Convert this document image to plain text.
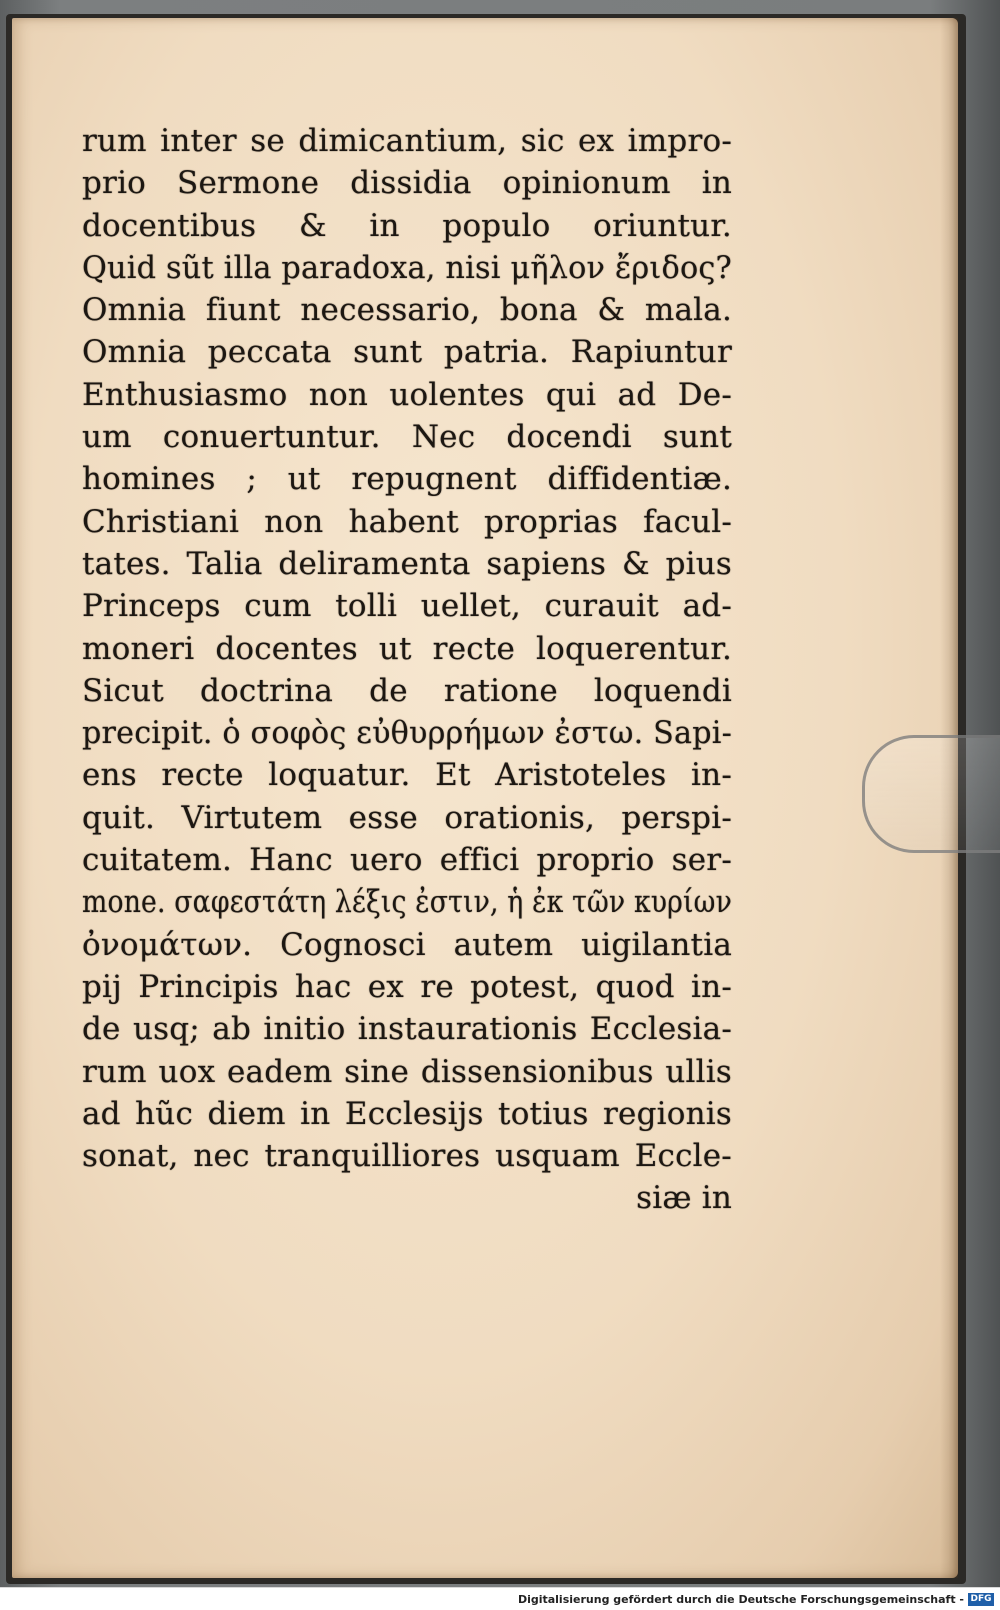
rum inter se dimicantium, sic ex impro-
prio Sermone dissidia opinionum in
docentibus & in populo oriuntur.
Quid sũt illa paradoxa, nisi μῆλον ἔριδος?
Omnia fiunt necessario, bona & mala.
Omnia peccata sunt patria. Rapiuntur
Enthusiasmo non uolentes qui ad De-
um conuertuntur. Nec docendi sunt
homines ; ut repugnent diffidentiæ.
Christiani non habent proprias facul-
tates. Talia deliramenta sapiens & pius
Princeps cum tolli uellet, curauit ad-
moneri docentes ut recte loquerentur.
Sicut doctrina de ratione loquendi
precipit. ὁ σοφὸς εὐθυρρήμων ἐστω. Sapi-
ens recte loquatur. Et Aristoteles in-
quit. Virtutem esse orationis, perspi-
cuitatem. Hanc uero effici proprio ser-
mone. σαφεστάτη λέξις ἐστιν, ἡ ἐκ τῶν κυρίων
ὀνομάτων. Cognosci autem uigilantia
pij Principis hac ex re potest, quod in-
de usq; ab initio instaurationis Ecclesia-
rum uox eadem sine dissensionibus ullis
ad hũc diem in Ecclesijs totius regionis
sonat, nec tranquilliores usquam Eccle-
siæ in
Digitalisierung gefördert durch die Deutsche Forschungsgemeinschaft - DFG
